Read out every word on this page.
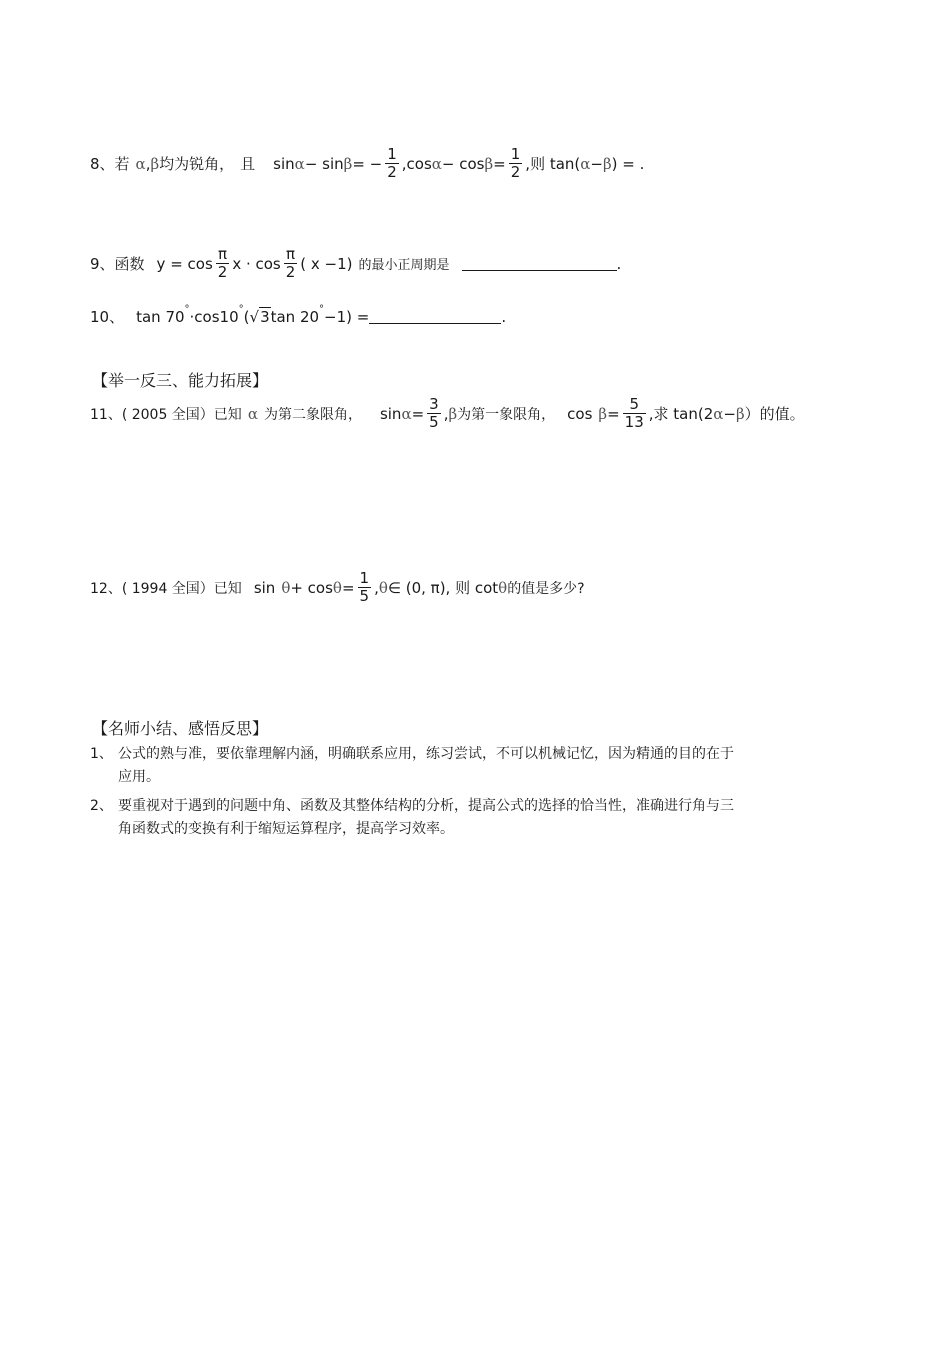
8、若 α , β 均为锐角， 且 sin α − sin β = − $\frac{1}{2} ,\cos$ $\alpha - \cos \beta = \frac{1}{2}$ ,则 tan( α − β ) = .
9、函数 $y = \cos \frac{\pi}{2}$ $x \cdot \cos \frac{\pi}{2}$ ( x −1) 的最小正周期是	.
10、 tan 70 ° ·cos10 ° ( √ 3 tan 20 ° −1) =	.
【举一反三、能力拓展】
11、( 2005 全国）已知 α 为第二象限角， $\sin \alpha = \frac{3}{5}$ , β 为第一象限角， $\cos \beta = \frac{5}{13}$ ,求 tan(2 α − β ）的值。
12、( 1994 全国）已知 $\sin \theta + \cos \theta = \frac{1}{5}$ , θ ∈ (0, π), 则 cot θ 的值是多少?
【名师小结、感悟反思】
1、 公式的熟与准，要依靠理解内涵，明确联系应用，练习尝试，不可以机械记忆，因为精通的目的在于
应用。
2、 要重视对于遇到的问题中角、函数及其整体结构的分析，提高公式的选择的恰当性，准确进行角与三
角函数式的变换有利于缩短运算程序，提高学习效率。
